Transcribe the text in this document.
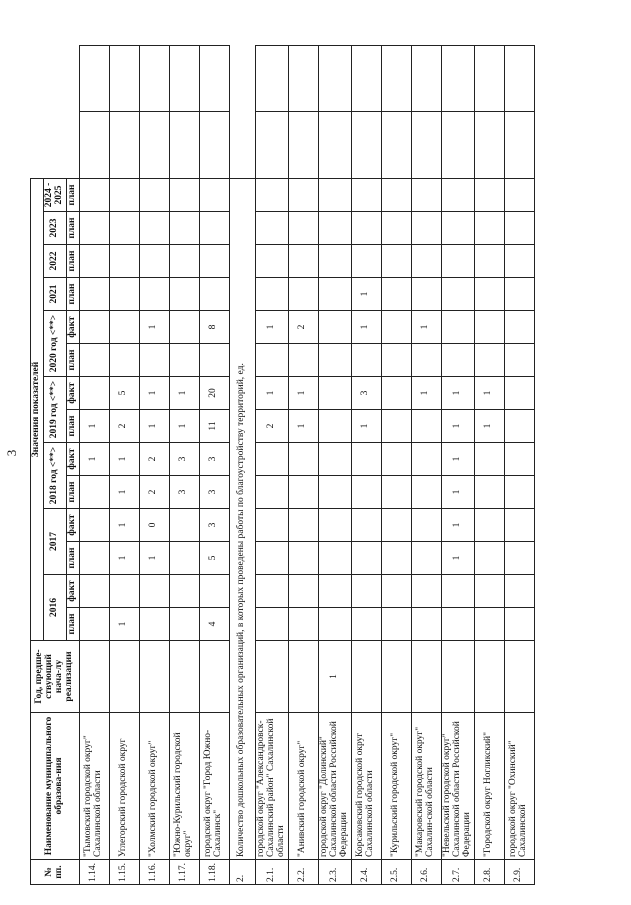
3
№ пп.	Наименование муниципального образова-ния	Год, предше-ствующий нача-лу реализации	Значения показателей															
			2016		2017		2018 год <**>		2019 год <**>		2020 год <**>		2021	2022	2023	2024 - 2025		
			план	факт	план	факт	план	факт	план	факт	план	факт	план	план	план	план		
1.14.	"Тымовский городской округ" Сахалинской области							1	1									
1.15.	Углегорский городской округ		1		1	1	1	1	2	5								
1.16.	"Холмский городской округ"				1	0	2	2	1	1		1						
1.17.	"Южно-Курильский городской округ"						3	3	1	1								
1.18.	городской округ "Город Южно-Сахалинск"		4		5	3	3	3	11	20		8						
2.	Количество дошкольных образовательных организаций, в которых проведены работы по благоустройству территорий, ед.																	
2.1.	городской округ "Александровск-Сахалинский район" Сахалинской области								2	1		1						
2.2.	"Анивский городской округ"								1	1		2						
2.3.	городской округ "Долинский" Сахалинской области Российской Федерации	1																
2.4.	Корсаковский городской округ Сахалинской области								1	3		1	1					
2.5.	"Курильский городской округ"																	
2.6.	"Макаровский городской округ" Сахалин-ской области									1		1						
2.7.	"Невельский городской округ" Сахалинской области Российской Федерации				1	1	1	1	1	1								
2.8.	"Городской округ Ногликский"								1	1								
2.9.	городской округ "Охинский" Сахалинской																	
